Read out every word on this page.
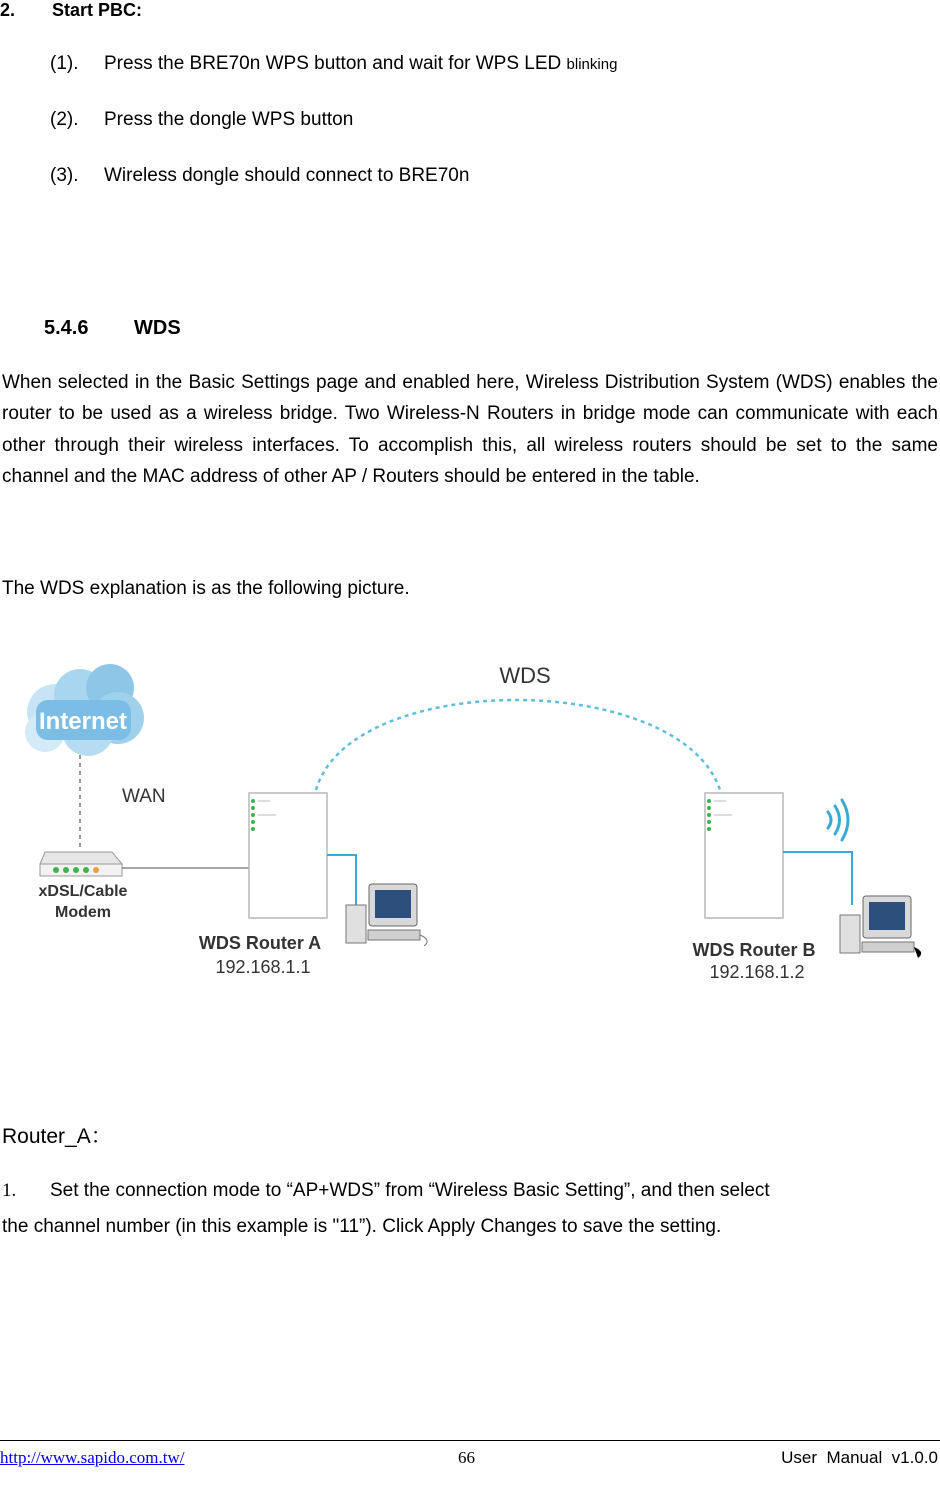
2. Start PBC:
(1). Press the BRE70n WPS button and wait for WPS LED blinking
(2). Press the dongle WPS button
(3). Wireless dongle should connect to BRE70n
5.4.6 WDS
When selected in the Basic Settings page and enabled here, Wireless Distribution System (WDS) enables the router to be used as a wireless bridge. Two Wireless-N Routers in bridge mode can communicate with each other through their wireless interfaces. To accomplish this, all wireless routers should be set to the same channel and the MAC address of other AP / Routers should be entered in the table.
The WDS explanation is as the following picture.
Internet
WAN
xDSL/Cable
Modem
WDS
WDS Router A
192.168.1.1
WDS Router B
192.168.1.2
Router_A：
1. Set the connection mode to “AP+WDS” from “Wireless Basic Setting”, and then select
the channel number (in this example is "11”). Click Apply Changes to save the setting.
http://www.sapido.com.tw/	66	User  Manual  v1.0.0
